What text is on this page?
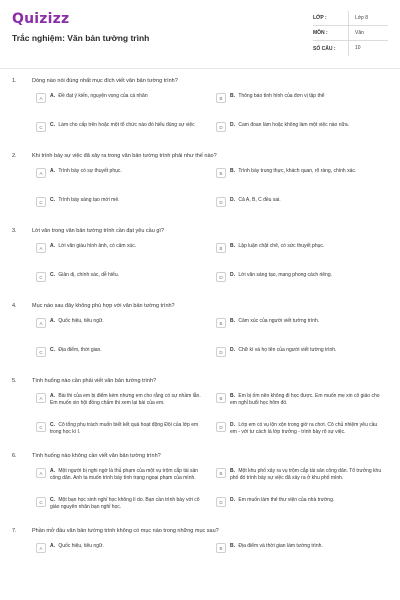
Quizizz
Trắc nghiệm: Văn bản tường trình
LỚP :	Lớp 8
MÔN :	Văn
SỐ CÂU :	10
1.	Dòng nào nói đúng nhất mục đích viết văn bản tường trình?
A	A. Đề đạt ý kiến, nguyện vọng của cá nhân	B	B. Thông báo tình hình của đơn vị tập thể
C	C. Làm cho cấp trên hoặc một tổ chức nào đó hiểu đúng sự việc	D	D. Cam đoan làm hoặc không làm một việc nào nữa.
2.	Khi trình bày sự việc đã xảy ra trong văn bản tường trình phải như thế nào?
A	A. Trình bày có sự thuyết phục.	B	B. Trình bày trung thực, khách quan, rõ ràng, chính xác.
C	C. Trình bày sáng tạo mới mẻ.	D	D. Cả A, B, C đều sai.
3.	Lời văn trong văn bản tường trình cần đạt yêu cầu gì?
A	A. Lời văn giàu hình ảnh, có cảm xúc.	B	B. Lập luận chặt chẽ, có sức thuyết phục.
C	C. Giản dị, chính xác, dễ hiểu.	D	D. Lời văn sáng tạo, mang phong cách riêng.
4.	Mục nào sau đây không phù hợp với văn bản tường trình?
A	A. Quốc hiệu, tiêu ngữ.	B	B. Cảm xúc của người viết tường trình.
C	C. Địa điểm, thời gian.	D	D. Chữ kí và họ tên của người viết tường trình.
5.	Tình huống nào cần phải viết văn bản tường trình?
A	A. Bài thi của em bị điểm kém nhưng em cho rằng có sự nhầm lẫn. Em muốn xin hội đồng chấm thi xem lại bài của em.
B	B. Em bị ốm nên không đi học được. Em muốn mẹ xin cô giáo cho em nghỉ buổi học hôm đó.
C	C. Cô tổng phụ trách muốn biết kết quả hoạt động Đội của lớp em trong học kì I.
D	D. Lớp em có vụ lộn xộn trong giờ ra chơi. Cô chủ nhiệm yêu cầu em - với tư cách là lớp trưởng - trình bày rõ sự việc.
6.	Tình huống nào không cần viết văn bản tường trình?
A	A. Một người bị nghi ngờ là thủ phạm của một vụ trộm cắp tài sản công dân. Anh ta muốn trình bày tình trạng ngoại phạm của mình.
B	B. Một khu phố xảy ra vụ trộm cắp tài sản công dân. Tổ trưởng khu phố đó trình bày sự việc đã xảy ra ở khu phố mình.
C	C. Một bạn học sinh nghỉ học không lí do. Bạn cần trình bày với cô giáo nguyên nhân bạn nghỉ học.
D	D. Em muốn làm thẻ thư viện của nhà trường.
7.	Phần mở đầu văn bản tường trình không có mục nào trong những mục sau?
A	A. Quốc hiệu, tiêu ngữ.	B	B. Địa điểm và thời gian làm tường trình.
